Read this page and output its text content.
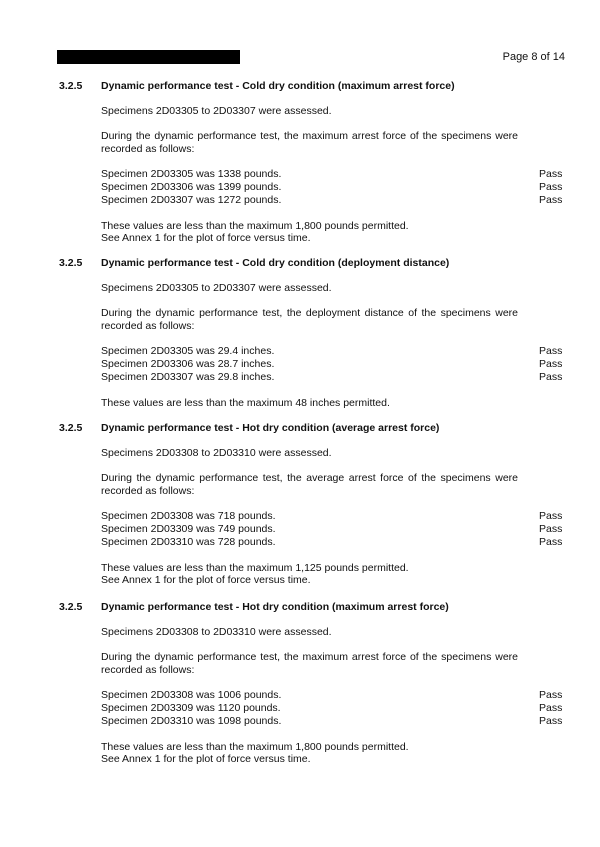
Page 8 of 14
3.2.5 Dynamic performance test - Cold dry condition (maximum arrest force)
Specimens 2D03305 to 2D03307 were assessed.
During the dynamic performance test, the maximum arrest force of the specimens were recorded as follows:
Specimen 2D03305 was 1338 pounds.	Pass
Specimen 2D03306 was 1399 pounds.	Pass
Specimen 2D03307 was 1272 pounds.	Pass
These values are less than the maximum 1,800 pounds permitted.
See Annex 1 for the plot of force versus time.
3.2.5 Dynamic performance test - Cold dry condition (deployment distance)
Specimens 2D03305 to 2D03307 were assessed.
During the dynamic performance test, the deployment distance of the specimens were recorded as follows:
Specimen 2D03305 was 29.4 inches.	Pass
Specimen 2D03306 was 28.7 inches.	Pass
Specimen 2D03307 was 29.8 inches.	Pass
These values are less than the maximum 48 inches permitted.
3.2.5 Dynamic performance test - Hot dry condition (average arrest force)
Specimens 2D03308 to 2D03310 were assessed.
During the dynamic performance test, the average arrest force of the specimens were recorded as follows:
Specimen 2D03308 was 718 pounds.	Pass
Specimen 2D03309 was 749 pounds.	Pass
Specimen 2D03310 was 728 pounds.	Pass
These values are less than the maximum 1,125 pounds permitted.
See Annex 1 for the plot of force versus time.
3.2.5 Dynamic performance test - Hot dry condition (maximum arrest force)
Specimens 2D03308 to 2D03310 were assessed.
During the dynamic performance test, the maximum arrest force of the specimens were recorded as follows:
Specimen 2D03308 was 1006 pounds.	Pass
Specimen 2D03309 was 1120 pounds.	Pass
Specimen 2D03310 was 1098 pounds.	Pass
These values are less than the maximum 1,800 pounds permitted.
See Annex 1 for the plot of force versus time.
